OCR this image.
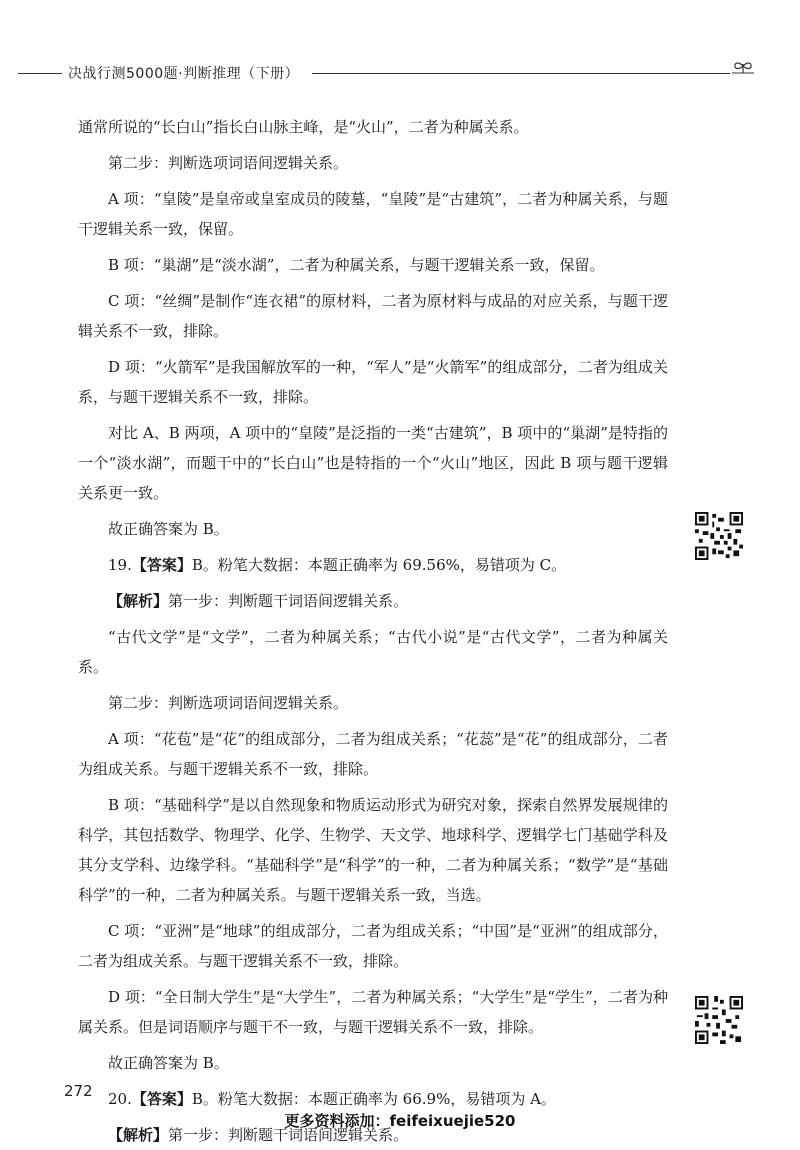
决战行测5000题·判断推理（下册）

通常所说的“长白山”指长白山脉主峰，是“火山”，二者为种属关系。

第二步：判断选项词语间逻辑关系。

A 项：“皇陵”是皇帝或皇室成员的陵墓，“皇陵”是“古建筑”，二者为种属关系，与题干逻辑关系一致，保留。

B 项：“巢湖”是“淡水湖”，二者为种属关系，与题干逻辑关系一致，保留。

C 项：“丝绸”是制作“连衣裙”的原材料，二者为原材料与成品的对应关系，与题干逻辑关系不一致，排除。

D 项：“火箭军”是我国解放军的一种，“军人”是“火箭军”的组成部分，二者为组成关系，与题干逻辑关系不一致，排除。

对比 A、B 两项，A 项中的“皇陵”是泛指的一类“古建筑”，B 项中的“巢湖”是特指的一个“淡水湖”，而题干中的“长白山”也是特指的一个“火山”地区，因此 B 项与题干逻辑关系更一致。

故正确答案为 B。

19.【答案】B。粉笔大数据：本题正确率为 69.56%，易错项为 C。

【解析】第一步：判断题干词语间逻辑关系。

“古代文学”是“文学”，二者为种属关系；“古代小说”是“古代文学”，二者为种属关系。

第二步：判断选项词语间逻辑关系。

A 项：“花苞”是“花”的组成部分，二者为组成关系；“花蕊”是“花”的组成部分，二者为组成关系。与题干逻辑关系不一致，排除。

B 项：“基础科学”是以自然现象和物质运动形式为研究对象，探索自然界发展规律的科学，其包括数学、物理学、化学、生物学、天文学、地球科学、逻辑学七门基础学科及其分支学科、边缘学科。“基础科学”是“科学”的一种，二者为种属关系；“数学”是“基础科学”的一种，二者为种属关系。与题干逻辑关系一致，当选。

C 项：“亚洲”是“地球”的组成部分，二者为组成关系；“中国”是“亚洲”的组成部分，二者为组成关系。与题干逻辑关系不一致，排除。

D 项：“全日制大学生”是“大学生”，二者为种属关系；“大学生”是“学生”，二者为种属关系。但是词语顺序与题干不一致，与题干逻辑关系不一致，排除。

故正确答案为 B。

20.【答案】B。粉笔大数据：本题正确率为 66.9%，易错项为 A。

【解析】第一步：判断题干词语间逻辑关系。

272
更多资料添加：feifeixuejie520
